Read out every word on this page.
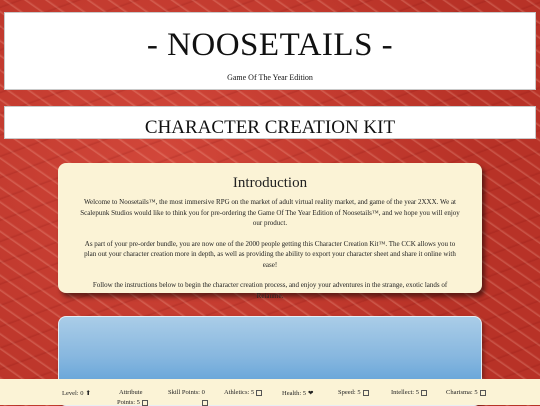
- NOOSETAILS -
Game Of The Year Edition
CHARACTER CREATION KIT
Introduction

Welcome to Noosetails™, the most immersive RPG on the market of adult virtual reality market, and game of the year 2XXX. We at Scalepunk Studios would like to think you for pre-ordering the Game Of The Year Edition of Noosetails™, and we hope you will enjoy our product.

As part of your pre-order bundle, you are now one of the 2000 people getting this Character Creation Kit™. The CCK allows you to plan out your character creation more in depth, as well as providing the ability to export your character sheet and share it online with ease!

Follow the instructions below to begin the character creation process, and enjoy your adventures in the strange, exotic lands of Reiaume.

Level: 0 ⬆	Attribute
Points: 5
Skill Points: 0	Athletics: 5	Health: 5 ❤	Speed: 5	Intellect: 5	Charisma: 5
